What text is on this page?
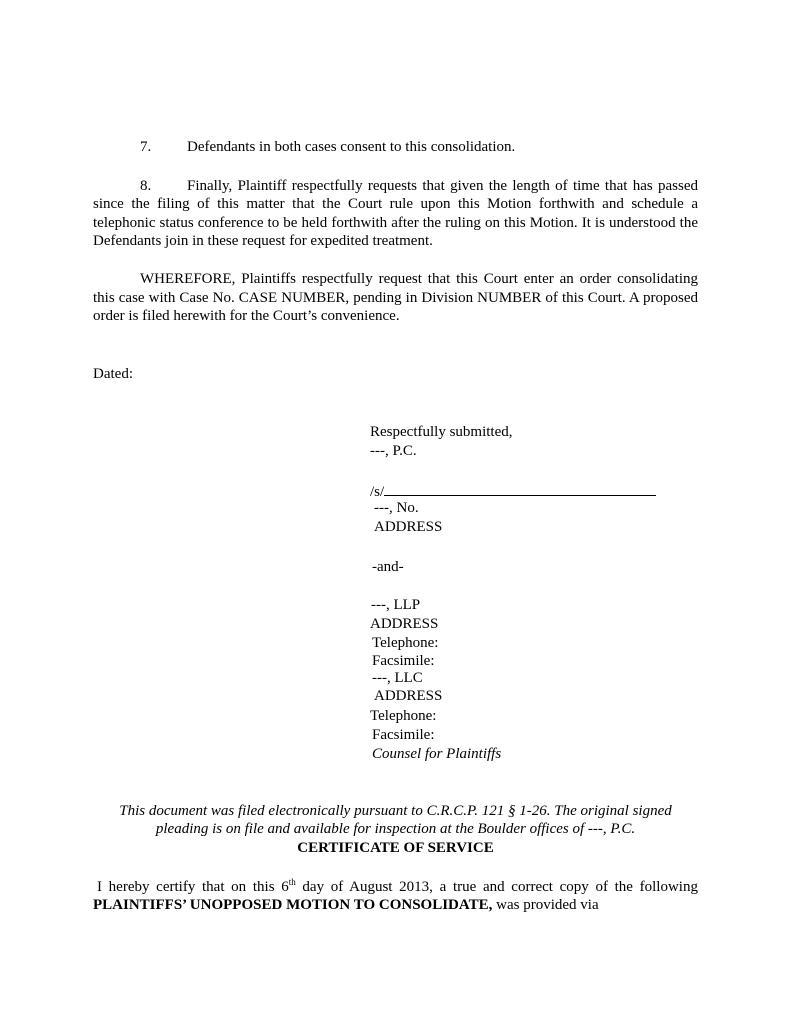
7. Defendants in both cases consent to this consolidation.
8. Finally, Plaintiff respectfully requests that given the length of time that has passed
since the filing of this matter that the Court rule upon this Motion forthwith and schedule a telephonic status conference to be held forthwith after the ruling on this Motion. It is understood the Defendants join in these request for expedited treatment.
WHEREFORE, Plaintiffs respectfully request that this Court enter an order consolidating this case with Case No. CASE NUMBER, pending in Division NUMBER of this Court. A proposed order is filed herewith for the Court’s convenience.
Dated:
Respectfully submitted,
---, P.C.
/s/
---, No.
ADDRESS
-and-
---, LLP
ADDRESS
Telephone:
Facsimile:
---, LLC
ADDRESS
Telephone:
Facsimile:
Counsel for Plaintiffs
This document was filed electronically pursuant to C.R.C.P. 121 § 1-26. The original signed
pleading is on file and available for inspection at the Boulder offices of ---, P.C.
CERTIFICATE OF SERVICE
I hereby certify that on this 6th day of August 2013, a true and correct copy of the following
PLAINTIFFS’ UNOPPOSED MOTION TO CONSOLIDATE, was provided via
